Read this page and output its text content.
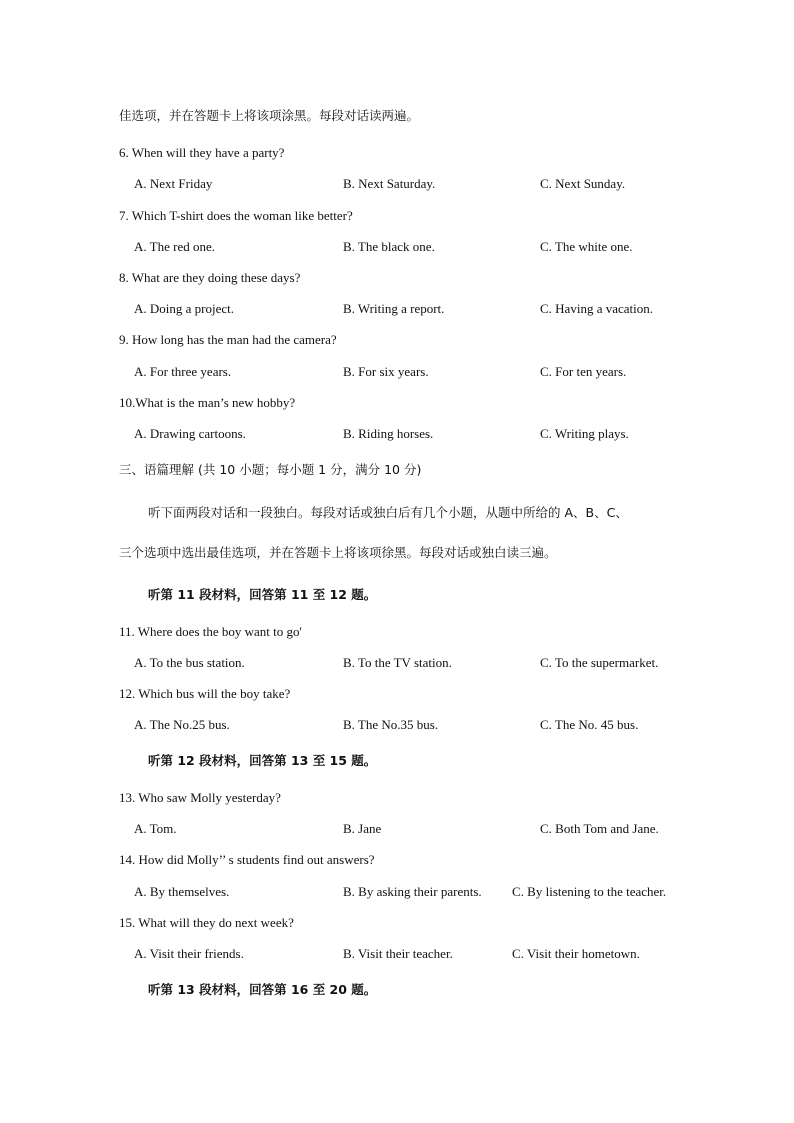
佳选项，并在答题卡上将该项涂黑。每段对话读两遍。
6. When will they have a party?
A. Next Friday	B. Next Saturday.	C. Next Sunday.
7. Which T-shirt does the woman like better?
A. The red one.	B. The black one.	C. The white one.
8. What are they doing these days?
A. Doing a project.	B. Writing a report.	C. Having a vacation.
9. How long has the man had the camera?
A. For three years.	B. For six years.	C. For ten years.
10.What is the man’s new hobby?
A. Drawing cartoons.	B. Riding horses.	C. Writing plays.
三、语篇理解 (共 10 小题；每小题 1 分，满分 10 分)
听下面两段对话和一段独白。每段对话或独白后有几个小题，从题中所给的 A、B、C、
三个选项中选出最佳选项，并在答题卡上将该项徐黑。每段对话或独白读三遍。
听第 11 段材料，回答第 11 至 12 题。
11. Where does the boy want to go'
A. To the bus station.	B. To the TV station.	C. To the supermarket.
12. Which bus will the boy take?
A. The No.25 bus.	B. The No.35 bus.	C. The No. 45 bus.
听第 12 段材料，回答第 13 至 15 题。
13. Who saw Molly yesterday?
A. Tom.	B. Jane	C. Both Tom and Jane.
14. How did Molly’’ s students find out answers?
A. By themselves.	B. By asking their parents. C. By listening to the teacher.
15. What will they do next week?
A. Visit their friends.	B. Visit their teacher.	C. Visit their hometown.
听第 13 段材料，回答第 16 至 20 题。
